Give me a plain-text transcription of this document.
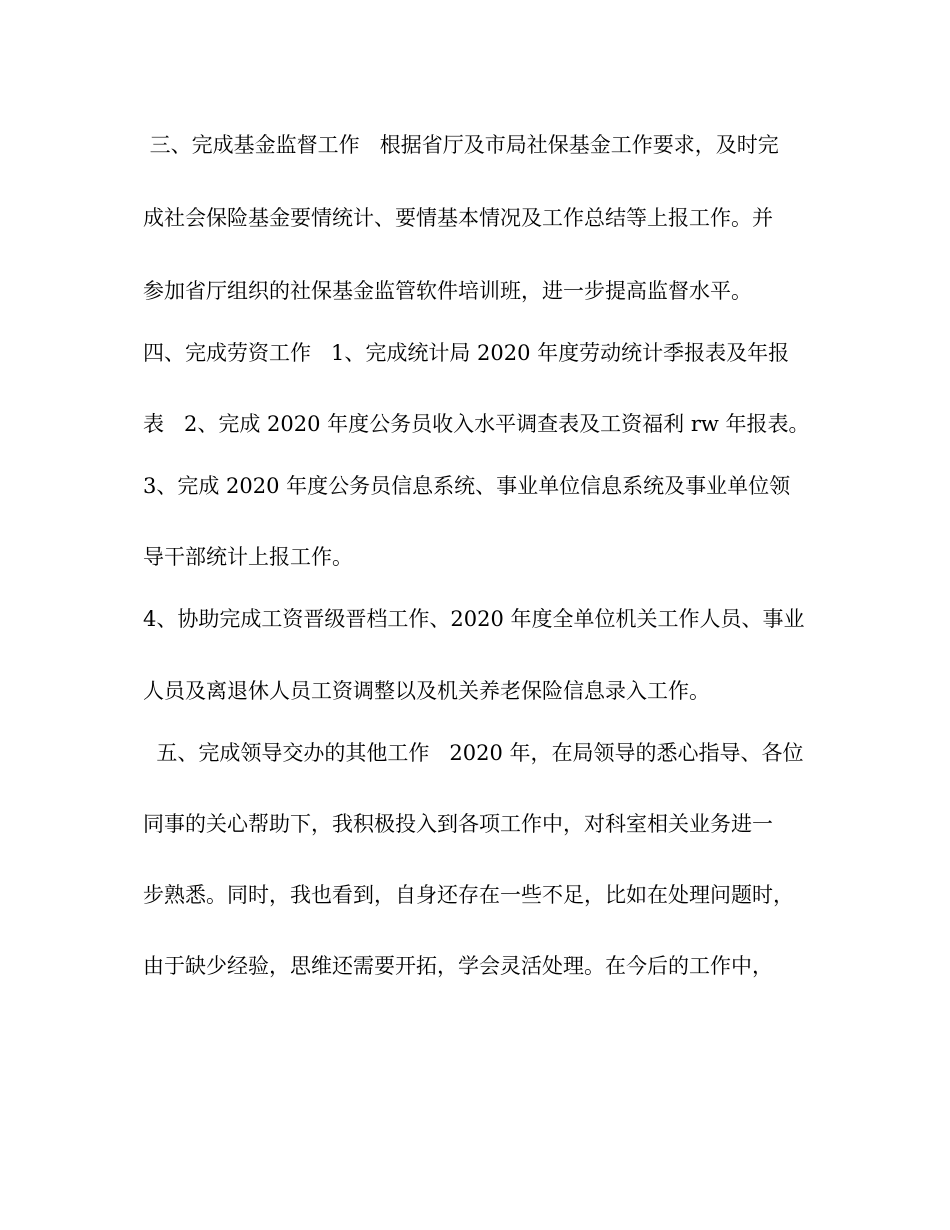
三、完成基金监督工作   根据省厅及市局社保基金工作要求，及时完
成社会保险基金要情统计、要情基本情况及工作总结等上报工作。并
参加省厅组织的社保基金监管软件培训班，进一步提高监督水平。
四、完成劳资工作   1、完成统计局 2020 年度劳动统计季报表及年报
表   2、完成 2020 年度公务员收入水平调查表及工资福利 rw 年报表。
3、完成 2020 年度公务员信息系统、事业单位信息系统及事业单位领
导干部统计上报工作。
4、协助完成工资晋级晋档工作、2020 年度全单位机关工作人员、事业
人员及离退休人员工资调整以及机关养老保险信息录入工作。
五、完成领导交办的其他工作   2020 年，在局领导的悉心指导、各位
同事的关心帮助下，我积极投入到各项工作中，对科室相关业务进一
步熟悉。同时，我也看到，自身还存在一些不足，比如在处理问题时，
由于缺少经验，思维还需要开拓，学会灵活处理。在今后的工作中，
